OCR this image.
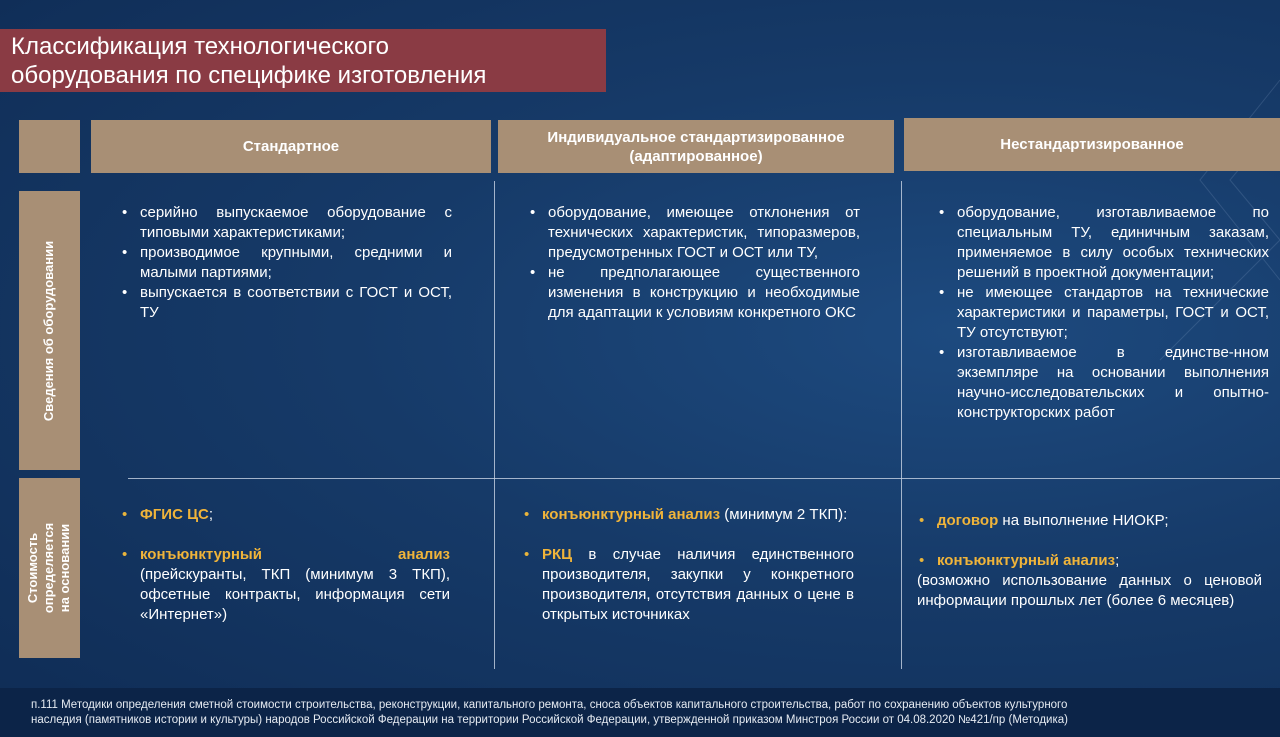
Классификация технологического
оборудования по специфике изготовления
Стандартное
Индивидуальное стандартизированное
(адаптированное)
Нестандартизированное
Сведения об оборудовании
Стоимость определяется на основании
• серийно выпускаемое оборудование с типовыми характеристиками;
• производимое крупными, средними и малыми партиями;
• выпускается в соответствии с ГОСТ и ОСТ, ТУ
• оборудование, имеющее отклонения от технических характеристик, типоразмеров, предусмотренных ГОСТ и ОСТ или ТУ,
• не предполагающее существенного изменения в конструкцию и необходимые для адаптации к условиям конкретного ОКС
• оборудование, изготавливаемое по специальным ТУ, единичным заказам, применяемое в силу особых технических решений в проектной документации;
• не имеющее стандартов на технические характеристики и параметры, ГОСТ и ОСТ, ТУ отсутствуют;
• изготавливаемое в единстве-нном экземпляре на основании выполнения научно-исследовательских и опытно-конструкторских работ
• ФГИС ЦС;
• конъюнктурный	анализ
(прейскуранты, ТКП (минимум 3 ТКП), офсетные контракты, информация сети «Интернет»)
• конъюнктурный анализ (минимум 2 ТКП):
• РКЦ в случае наличия единственного производителя, закупки у конкретного производителя, отсутствия данных о цене в открытых источниках
• договор на выполнение НИОКР;
• конъюнктурный анализ;
(возможно использование данных о ценовой информации прошлых лет (более 6 месяцев)
п.111 Методики определения сметной стоимости строительства, реконструкции, капитального ремонта, сноса объектов капитального строительства, работ по сохранению объектов культурного
наследия (памятников истории и культуры) народов Российской Федерации на территории Российской Федерации, утвержденной приказом Минстроя России от 04.08.2020 №421/пр (Методика)
